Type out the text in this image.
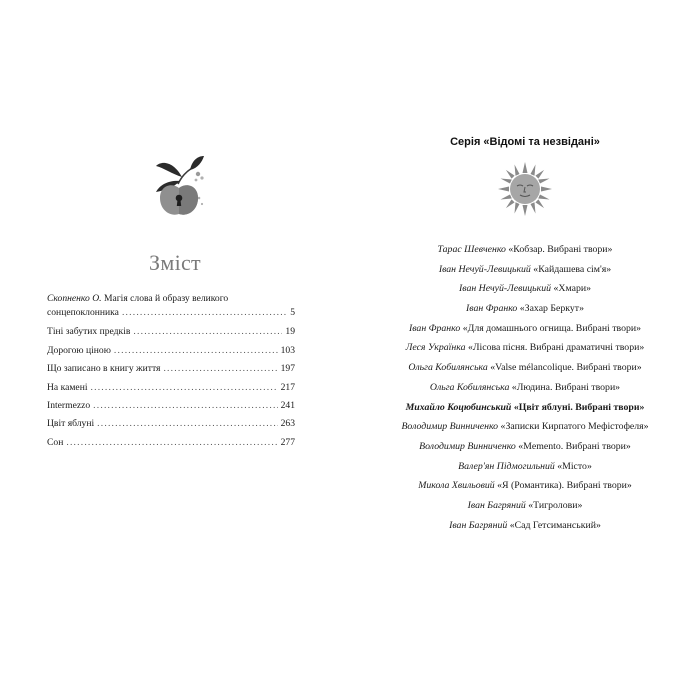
Зміст
Скопненко О. Магія слова й образу великого
сонцепоклонника . . .	5
Тіні забутих предків . . .	19
Дорогою ціною . . .	103
Що записано в книгу життя . . .	197
На камені . . .	217
Intermezzo . . .	241
Цвіт яблуні . . .	263
Сон . . .	277
Серія «Відомі та незвідані»
Тарас Шевченко «Кобзар. Вибрані твори»
Іван Нечуй-Левицький «Кайдашева сім'я»
Іван Нечуй-Левицький «Хмари»
Іван Франко «Захар Беркут»
Іван Франко «Для домашнього огнища. Вибрані твори»
Леся Українка «Лісова пісня. Вибрані драматичні твори»
Ольга Кобилянська «Valse mélancolique. Вибрані твори»
Ольга Кобилянська «Людина. Вибрані твори»
Михайло Коцюбинський «Цвіт яблуні. Вибрані твори»
Володимир Винниченко «Записки Кирпатого Мефістофеля»
Володимир Винниченко «Memento. Вибрані твори»
Валер'ян Підмогильний «Місто»
Микола Хвильовий «Я (Романтика). Вибрані твори»
Іван Багряний «Тигролови»
Іван Багряний «Сад Гетсиманський»
